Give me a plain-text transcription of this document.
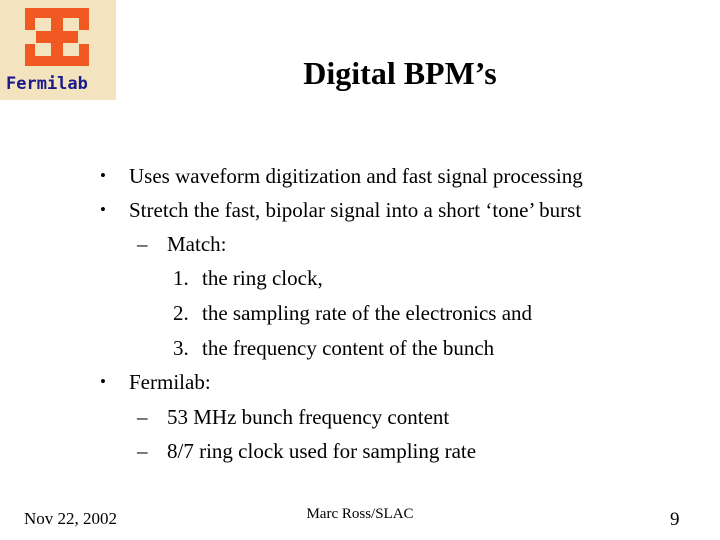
Fermilab	Digital BPM’s
• Uses waveform digitization and fast signal processing
• Stretch the fast, bipolar signal into a short ‘tone’ burst
– Match:
1. the ring clock,
2. the sampling rate of the electronics and
3. the frequency content of the bunch
• Fermilab:
– 53 MHz bunch frequency content
– 8/7 ring clock used for sampling rate
Nov 22, 2002	Marc Ross/SLAC	9
